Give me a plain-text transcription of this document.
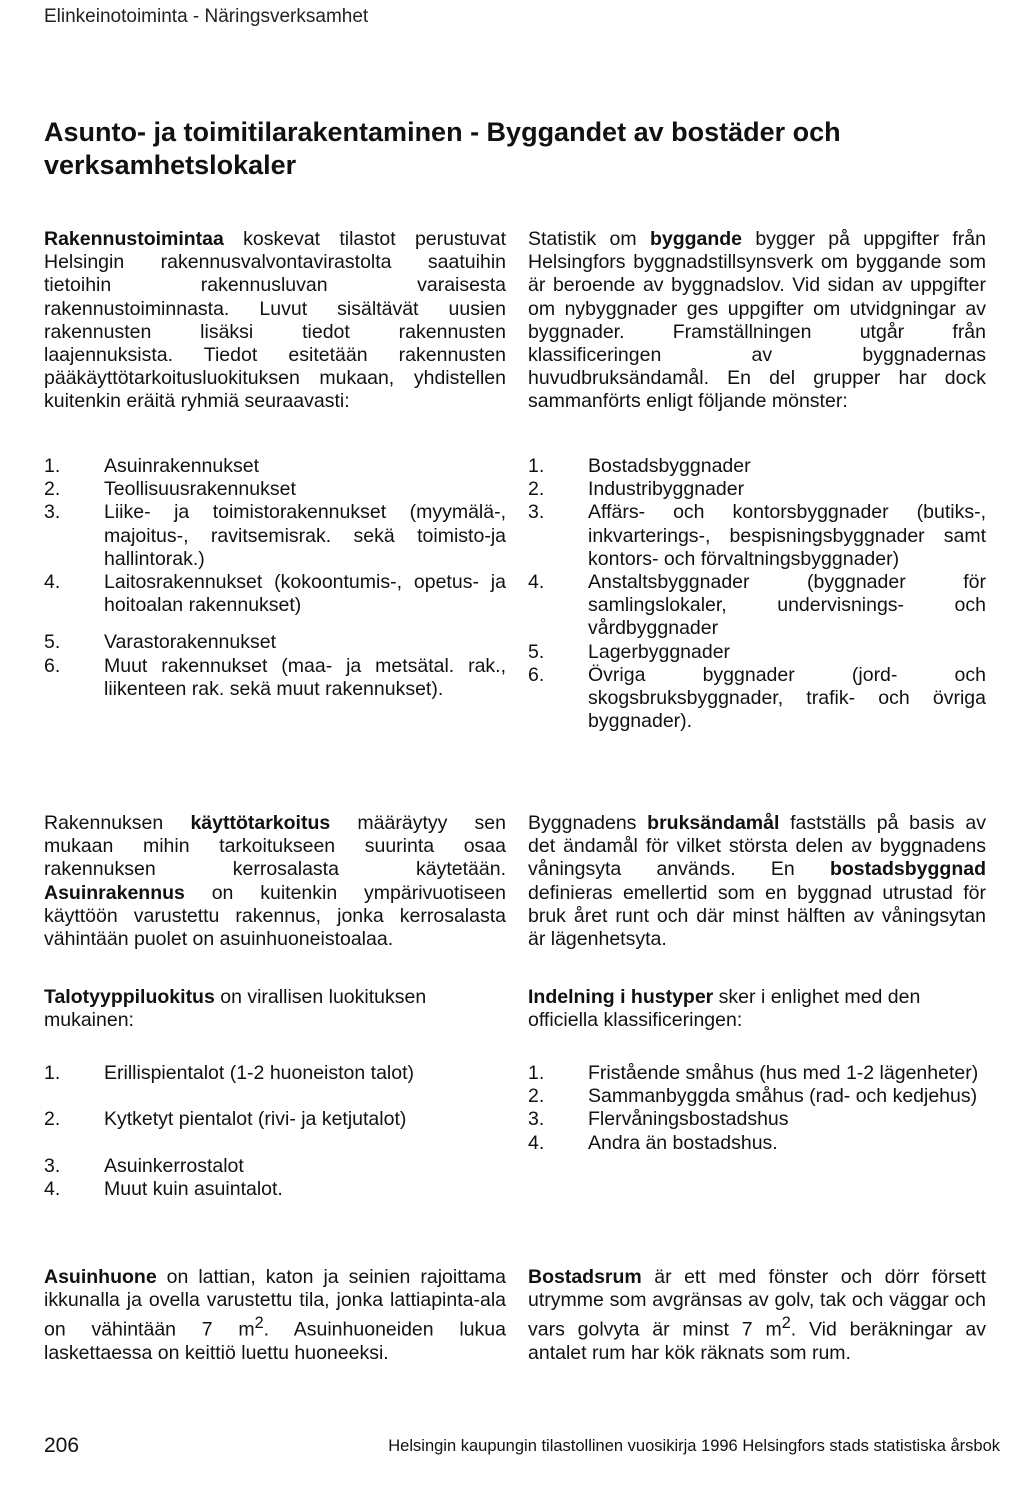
Elinkeinotoiminta - Näringsverksamhet
Asunto- ja toimitilarakentaminen - Byggandet av bostäder och verksamhetslokaler

Rakennustoimintaa koskevat tilastot perustuvat Helsingin rakennusvalvontavirastolta saatuihin tietoihin rakennusluvan varaisesta rakennustoiminnasta. Luvut sisältävät uusien rakennusten lisäksi tiedot rakennusten laajennuksista. Tiedot esitetään rakennusten pääkäyttötarkoitusluokituksen mukaan, yhdistellen kuitenkin eräitä ryhmiä seuraavasti:

Statistik om byggande bygger på uppgifter från Helsingfors byggnadstillsynsverk om byggande som är beroende av byggnadslov. Vid sidan av uppgifter om nybyggnader ges uppgifter om utvidgningar av byggnader. Framställningen utgår från klassificeringen av byggnadernas huvudbruksändamål. En del grupper har dock sammanförts enligt följande mönster:

1.	Asuinrakennukset
2.	Teollisuusrakennukset
3.	Liike- ja toimistorakennukset (myymälä-, majoitus-, ravitsemisrak. sekä toimisto-ja hallintorak.)
4.	Laitosrakennukset (kokoontumis-, opetus- ja hoitoalan rakennukset)
5.	Varastorakennukset
6.	Muut rakennukset (maa- ja metsätal. rak., liikenteen rak. sekä muut rakennukset).
1.	Bostadsbyggnader
2.	Industribyggnader
3.	Affärs- och kontorsbyggnader (butiks-, inkvarterings-, bespisningsbyggnader samt kontors- och förvaltningsbyggnader)
4.	Anstaltsbyggnader (byggnader för samlingslokaler, undervisnings- och vårdbyggnader
5.	Lagerbyggnader
6.	Övriga byggnader (jord- och skogsbruksbyggnader, trafik- och övriga byggnader).

Rakennuksen käyttötarkoitus määräytyy sen mukaan mihin tarkoitukseen suurinta osaa rakennuksen kerrosalasta käytetään. Asuinrakennus on kuitenkin ympärivuotiseen käyttöön varustettu rakennus, jonka kerrosalasta vähintään puolet on asuinhuoneistoalaa.

Byggnadens bruksändamål fastställs på basis av det ändamål för vilket största delen av byggnadens våningsyta används. En bostadsbyggnad definieras emellertid som en byggnad utrustad för bruk året runt och där minst hälften av våningsytan är lägenhetsyta.

Talotyyppiluokitus on virallisen luokituksen mukainen:

Indelning i hustyper sker i enlighet med den officiella klassificeringen:

1.	Erillispientalot (1-2 huoneiston talot)
2.	Kytketyt pientalot (rivi- ja ketjutalot)
3.	Asuinkerrostalot
4.	Muut kuin asuintalot.
1.	Fristående småhus (hus med 1-2 lägenheter)
2.	Sammanbyggda småhus (rad- och kedjehus)
3.	Flervåningsbostadshus
4.	Andra än bostadshus.

Asuinhuone on lattian, katon ja seinien rajoittama ikkunalla ja ovella varustettu tila, jonka lattiapinta-ala on vähintään 7 $m^2$. Asuinhuoneiden lukua laskettaessa on keittiö luettu huoneeksi.

Bostadsrum är ett med fönster och dörr försett utrymme som avgränsas av golv, tak och väggar och vars golvyta är minst 7 $m^2$. Vid beräkningar av antalet rum har kök räknats som rum.

206	Helsingin kaupungin tilastollinen vuosikirja 1996 Helsingfors stads statistiska årsbok
